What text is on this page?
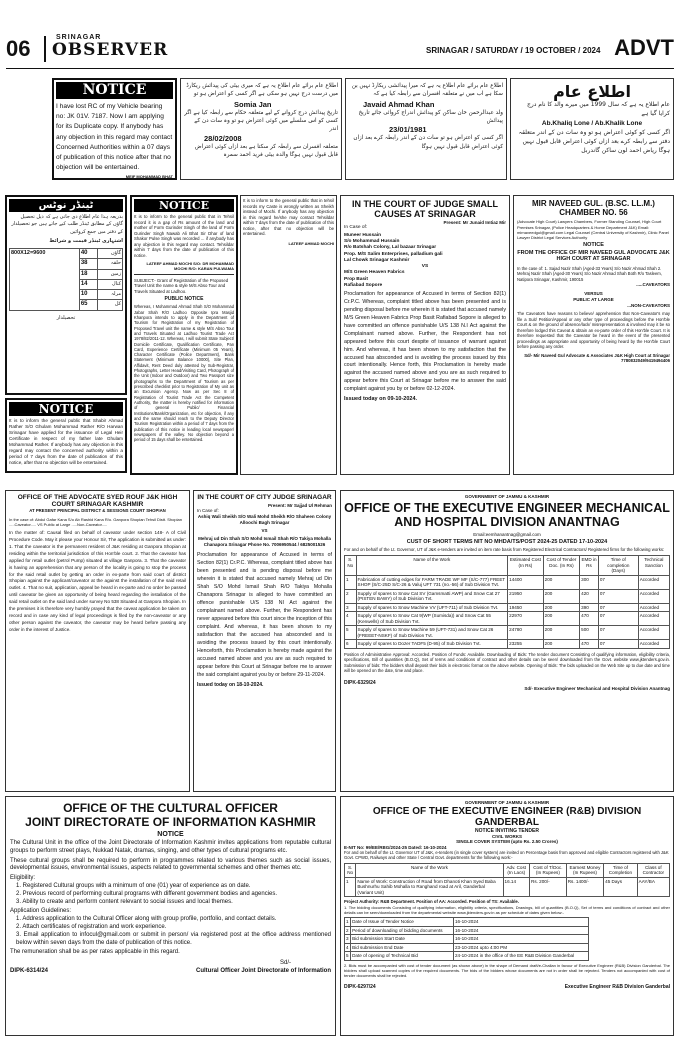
06	SRINAGAR
OBSERVER	SRINAGAR / SATURDAY / 19 OCTOBER / 2024 ADVT
NOTICE
I have lost RC of my Vehicle bearing no: JK 01V. 7187. Now I am applying for its Duplicate copy. If anybody has any objection in this regard may contact Concerned Authorities within a 07 days of publication of this notice after that no objection will be entertained.
MEIF MOHAMMAD BHAT
اطلاع عام برائے عام اطلاع یہ ہے کہ میری بیٹی کی پیدائش ریکارڈ میں درست درج نہیں ہو سکی ہے اگر کسی کو اعتراض ہو تو
Somia Jan
تاریخ پیدائش درج کروانے کے لیے متعلقہ حکام سے رابطہ کیا ہے اگر کسی کو اس سلسلے میں کوئی اعتراض ہو تو وہ سات دن کے اندر
28/02/2008
متعلقہ افسران سے رابطہ کر سکتا ہے بعد ازاں کوئی اعتراض قابل قبول نہیں ہوگا والدہ بیٹی فرید احمد سمرہ
اطلاع عام برائے عام اطلاع یہ ہے کہ میرا پیدائشی ریکارڈ نہیں بن سکا ہے اب میں نے متعلقہ افسران سے رابطہ کیا ہے کہ
Javaid Ahmad Khan
ولد عبدالرحمن خان ساکن کو پیدائش اندراج کروائی جائے تاریخ پیدائش
23/01/1981
اگر کسی کو اعتراض ہو تو سات دن کے اندر رابطہ کرے بعد ازاں کوئی اعتراض قابل قبول نہیں ہوگا
اطلاع عام
عام اطلاع یہ ہے کہ سال 1999 میں میرے والد کا نام درج کرایا گیا ہے
Ab.Khaliq Lone / Ab.Khalik Lone
اگر کسی کو کوئی اعتراض ہو تو وہ سات دن کے اندر متعلقہ دفتر سے رابطہ کرے بعد ازاں کوئی اعتراض قابل قبول نہیں ہوگا ریاض احمد لون ساکن گاندربل
ٹینڈر نوٹس
بذریعہ ہذا عام اطلاع دی جاتی ہے کہ ذیل تحصیل گاؤں کے مطابق ٹینڈر طلب کیے جاتے ہیں جو تحصیلدار کے دفتر میں جمع کروائیں
اشتہاری ٹینڈر قیمت و شرائط
800X12=9600	40	گاؤں
	38	حلقہ
	18	زمین
	14	کنال
	10	مرلہ
	65	کل
تحصیلدار
NOTICE
It is to inform the general public that Shabir Ahmad Rather S/O Ghulam Mohammad Rather R/O Harwan Srinagar have applied for the issuance of Legal Heir Certificate in respect of my father late Ghulam Mohammad Rather. If anybody has any objection in this regard may contact the concerned authority within a period of 7 days from the date of publication of this notice, after that no objection will be entertained.
NOTICE
It is to inform to the general public that in Tehsil record it is a gap of Rs amount of the land and mother of Form Gurinder Singh of the land of Form Gurinder Singh Nawab Ali Bhat Sir Dhar of land Shakor Pulse Singh was recorded ... if anybody has any objection in this regard may contact. Tehsildar within 7 days from the date of publication of this notice.
LATEEF AHMAD MOCHI S/O: DR MOHAMMAD MOCHI R/O: KARAN PULWAMA
SUBJECT:- Grant of Registration of the Proposed Travel Unit the name & style M/S Abso Tour and Travels Situated at Ladhoo.
PUBLIC NOTICE
Whereas, I Mohammad Ahmad Shah S/O Mohammad Jabar Shah R/O Ladhoo Opposite Ipra Masjid Khanpora intends to apply in the Department of Tourism for Registration of my Registration of Proposed Travel unit the name & style M/S Abso Tour and Travels Situated at Ladhoo Tourist Trade Act 1978/82/2011-12. Whereas, I will submit State Subject/ Domicile Certificate, Qualification Certificate, Pan Card, Experience Certificate (Minimum 05 Years), Character Certificate (Police Department), Bank Statement (Minimum Balance 10000), Site Plan, Affidavit, Rent Deed duly attested by Sub-Registrar, Photographs, Letter Head/Visiting Card, Photograph of the Unit (Indoor and Outdoor) and Two Passport size photographs to the Department of Tourism as per prescribed checklist prior to Registration of My unit as an Excursion Agency. Now as per Sec 8 of Registration of Tourist Trade Act the Competent Authority, the matter is hereby notified for information of general Public/ Financial Institutions/Bank/Organization, etc for objection, if any and the same should reach to the Deputy Director Tourism Registration within a period of 7 days from the publication of this notice in leading local newspaper/ newspapers of the valley. No objection beyond a period of 15 days shall be entertained.
IN THE COURT OF JUDGE SMALL CAUSES AT SRINAGAR
Present: Mr Junaid Imtiaz Mir
In Case of:
Muneer Hussain
S/o Mohammad Hussain
R/o Batshah Colony, Lal bazaar Srinagar
Prop. M/S Salim Enterprises, palladium gali
Lal Chowk Srinagar Kashmir
VS
M/S Green Heaven Fabrics
Prop Basit
Rafiabad Sopore
Proclamation for appearance of Accused in terms of Section 82(1) Cr.P.C. Whereas, complaint titled above has been presented and is pending disposal before me wherein it is stated that accused namely M/S Green Heaven Fabrics Prop Basit Rafiabad Sopore is alleged to have committed an offence punishable U/S 138 N.I Act against the Complainant named above. Further, the Respondent has not appeared before this court despite of issuance of warrant against him. And whereas, it has been shown to my satisfaction that the accused has absconded and is avoiding the process issued by this court intentionally. Hence forth, this Proclamation is hereby made against the accused named above and you are as such required to appear before this Court at Srinagar before me to answer the said complaint against you by or before 02-12-2024.
Issued today on 09-10-2024.
MIR NAVEED GUL. (B.SC. LL.M.) CHAMBER NO. 56
(Advocate High Court) Lawyers Chambers, Former Standing Counsel, High Court Premises Srinagar, (Police Headquarters & Home Department J&K) Email: mirnaveedgul@gmail.com Legal Counsel (Central University of Kashmir), Clinic Panel Lawyer District Legal Services Authority
NOTICE
FROM THE OFFICE OF MIR NAVEED GUL ADVOCATE J&K HIGH COURT AT SRINAGAR
In the case of: 1. Sajad Nazir Shah (Aged-33 Years) S/o Nazir Ahmad Shah 2. Mehraj Nazir Shah (Aged-30 Years) S/o Nazir Ahmad Shah Both R/o Tasleem, Natipora Srinagar, Kashmir, 190015
.....CAVEATORS
VERSUS
PUBLIC AT LARGE
...NON-CAVEATORS
The Caveators have reasons to believe/ apprehension that Non-Caveator's may file a Suit/ Petition/Appeal or any other type of proceedings before the Hon'ble Court & on the ground of absence/lack/ misrepresentation & involved may it be so therefore lodged this Caveat & obtain an ex-parte order of this Hon'ble Court. It is therefore requested that the Caveator be heard in the event of the presented proceedings as appropriate and opportunity of being heard by the Hon'ble Court before passing any order.
Sd/- Mir Naveed Gul Advocate & Associates J&K High Court at Srinagar 7780832049/9419494406
It is to inform to the general public that in tehsil records my Caste is wrongly written as Sheikh instead of Mochi. If anybody has any objection in this regard he/she may contact Tehsildar within 7 days from the date of publication of this notice, after that no objection will be entertained.
LATEEF AHMAD MOCHI
OFFICE OF THE ADVOCATE SYED ROUF J&K HIGH COURT SRINAGAR KASHMIR
AT PRESENT PRINCIPAL DISTRICT & SESSIONS COURT SHOPIAN
In the case of: Abdul Gafar Kana S/o Ab Rashid Kana R/o. Ganpora Shopian Tehsil Distt. Shopian .....Caveator..... VS Public at Large .....Non-Caveator.....
In the matter of: Causal filed on behalf of caveator under section 148- A of Civil Procedure Code. May it please your Honour Sir, The application is submitted as under: 1. That the caveator is the permanent resident of J&K residing at Ganpora Shopian at residing within the territorial jurisdiction of this Hon'ble court. 2. That the caveator has applied for retail outlet (petrol Pump) situated at village Ganpora. 3. That the caveator is having an apprehension that any person of the locality is going to stop the process for the said retail outlet by getting an order in ex-parte from said court of district Shopian against the applicant/caveator at the against the installation of the said retail outlet. 4. That no suit, application, appeal be heard in ex-parte and no order be passed until caveator be given an opportunity of being heard regarding the installation of the said retail outlet on the said land under survey No 538 Situated at Ganpora Shopian. In the premises it is therefore very humbly prayed that the caveat application be taken on record and in case any kind of legal proceedings is filed by the non-caveator or any other person against the caveator, the caveator may be heard before passing any order in the interest of Justice.
IN THE COURT OF CITY JUDGE SRINAGAR
Present: Mr Sajjad Ul Rehman
In Case of:
Ashiq Wali Sheikh S/O Wali Mohd Sheikh R/O Shaheen Colony Alloochi Bagh Srinagar
VS
Mehraj ud Din Shah S/O Mohd Ismail Shah R/O Takiya Mohalla Chanapora Srinagar Phone No. 7006950544 / 6825001526
Proclamation for appearance of Accused in terms of Section 82(1) Cr.P.C. Whereas, complaint titled above has been presented and is pending disposal before me wherein it is stated that accused namely Mehraj ud Din Shah S/O Mohd Ismail Shah R/O Takiya Mohalla Chanapora Srinagar is alleged to have committed an offence punishable U/S 138 NI Act against the complainant named above. Further, the Respondent has never appeared before this court since the inception of this complaint. And whereas, it has been shown to my satisfaction that the accused has absconded and is avoiding the process issued by this court intentionally. Henceforth, this Proclamation is hereby made against the accused named above and you are as such required to appear before this Court at Srinagar before me to answer the said complaint against you by or before 29-11-2024.
Issued today on 18-10-2024.
GOVERNMENT OF JAMMU & KASHMIR
OFFICE OF THE EXECUTIVE ENGINEER MECHANICAL AND HOSPITAL DIVISION ANANTNAG
Email:eemhanantnag@gmail.com
CUST OF SHORT TERMS NIT NO MHDA/TS/POST 2024-25 DATED 17-10-2024
For and on behalf of the Lt. Governor, UT of J&K e-tenders are invited on item rate basis from Registered Electrical Contractors/ Registered firms for the following works:
S. No	Name of the Work	Estimated Cost (In Rs)	Cost of Tender Doc. (In Rs)	EMD in Rs	Time of completion (Days)	Technical Sanction
1	Fabrication of cutting edges for FARM TRADE WF MF (S/C-777) FREET SHOP (S/C-25D S/C-26 & Valuj UFT 731 (no.-56) of Sub Division Tvt.	14400	200	300	07	Accorded
2	Supply of spares to Snow Cat SV (Gamsmatti AWP) and Snow Cat 27 (PISTEN BAWY) of Sub Division Tvt.	21950	200	420	07	Accorded
3	Supply of spares to Snow Machine VV (UFT-711) of Sub Division Tvt.	19450	200	390	07	Accorded
4	Supply of spares to Snow Cat 9(WP (Sumisda)) and Snow Cat 55 (Kenwells) of Sub Division Tvt.	22970	200	470	07	Accorded
5	Supply of spares to Snow Machine 59 (UFT-731) and Snow Cat 26 (FREEET-NSKF) of Sub Division Tvt.	24780	200	500	07	Accorded
6	Supply of spares to Dozer TADF5 (D-95) of Sub Division Tvt.	23255	200	470	07	Accorded
Position of Administrative Approval: Accorded. Position of Funds: Available. Downloading of Bids: The tender document Consisting of qualifying information, eligibility criteria, specifications, Bill of quantities (B.O.Q), Set of terms and conditions of contract and other details can be seen/ downloaded from the Govt. website www.jktenders.gov.in. Submission of bids: The bidders shall deposit their bids in electronic format on the above website. Opening of Bids: The bids uploaded on the Web Site up to due date and time will be opened on the date, time and place.
DIPK-6329/24
Sd/- Executive Engineer Mechanical and Hospital Division Anantnag
OFFICE OF THE CULTURAL OFFICER
JOINT DIRECTORATE OF INFORMATION KASHMIR
NOTICE
The Cultural Unit in the office of the Joint Directorate of Information Kashmir invites applications from reputable cultural groups to perform street plays, Nukkad Natak, dramas, singing, and other types of cultural programs etc.
These cultural groups shall be required to perform in programmes related to various themes such as social issues, developmental issues, environmental issues, aspects related to governmental schemes and other themes etc.
Eligibility:
1. Registered Cultural groups with a minimum of one (01) year of experience as on date.
2. Previous record of performing cultural programs with different government bodies and agencies.
3. Ability to create and perform content relevant to social issues and local themes.
Application Guidelines:
1. Address application to the Cultural Officer along with group profile, portfolio, and contact details.
2. Attach certificates of registration and work experience.
3. Email application to infocul@gmail.com or submit in person/ via registered post at the office address mentioned below within seven days from the date of publication of this notice.
The remuneration shall be as per rates applicable in this regard.
Sd/-
DIPK-6314/24	Cultural Officer Joint Directorate of Information
GOVERNMENT OF JAMMU & KASHMIR
OFFICE OF THE EXECUTIVE ENGINEER (R&B) DIVISION GANDERBAL
NOTICE INVITING TENDER
CIVIL WORKS
SINGLE COVER SYSTEM (upto Rs. 2.50 Crores)
E-NIT No: 99/EE/RBG/2024-25 Dated: 16-10-2024
For and on behalf of the Lt. Governor UT of J&K, e-tenders (in single cover system) are invited on Percentage basis from approved and eligible Contractors registered with J&K Govt. CPWD, Railways and other State / Central Govt. departments for the following work:-
S. No	Name of the Work	Adv. Cost (In Lacs)	Cost of T/Doc. (In Rupees)	Earnest Money (In Rupees)	Time of Completion	Class of Contractor
1	Name of Work: Construction of Road from Dhanoti Khan Syed Baba Bushnurhu Sahib Mohalla to Ranghand road at Aril, Ganderbal (Variant Unit)	16.14	Rs. 200/-	Rs. 1400/-	45 Days	AAY/BA
Project Authority: R&B Department. Position of AA: Accorded. Position of TS: Available.
1. The bidding documents Consisting of qualifying information, eligibility criteria, specifications, Drawings, bill of quantities (B.O.Q), Set of terms and conditions of contract and other details can be seen/downloaded from the departmental website www.jktenders.gov.in as per schedule of dates given below:-
1	Date of Issue of Tender Notice	16-10-2024
2	Period of downloading of bidding documents	16-10-2024
3	Bid submission Start Date	16-10-2024
4	Bid submission End Date	23-10-2024 upto 4:00 PM
5	Date of opening of Technical Bid	24-10-2024 in the office of the EE R&B Division Ganderbal
2. Bids must be accompanied with cost of tender document (as shown above) in the shape of Demand draft/e-Challan in favour of Executive Engineer (R&B) Division Ganderbal. The bidders shall upload scanned copies of the required documents. The bids of the bidders whose documents are not in order shall be rejected. Tenders not accompanied with cost of tender documents shall be rejected.
DIPK-6297/24	Executive Engineer R&B Division Ganderbal
